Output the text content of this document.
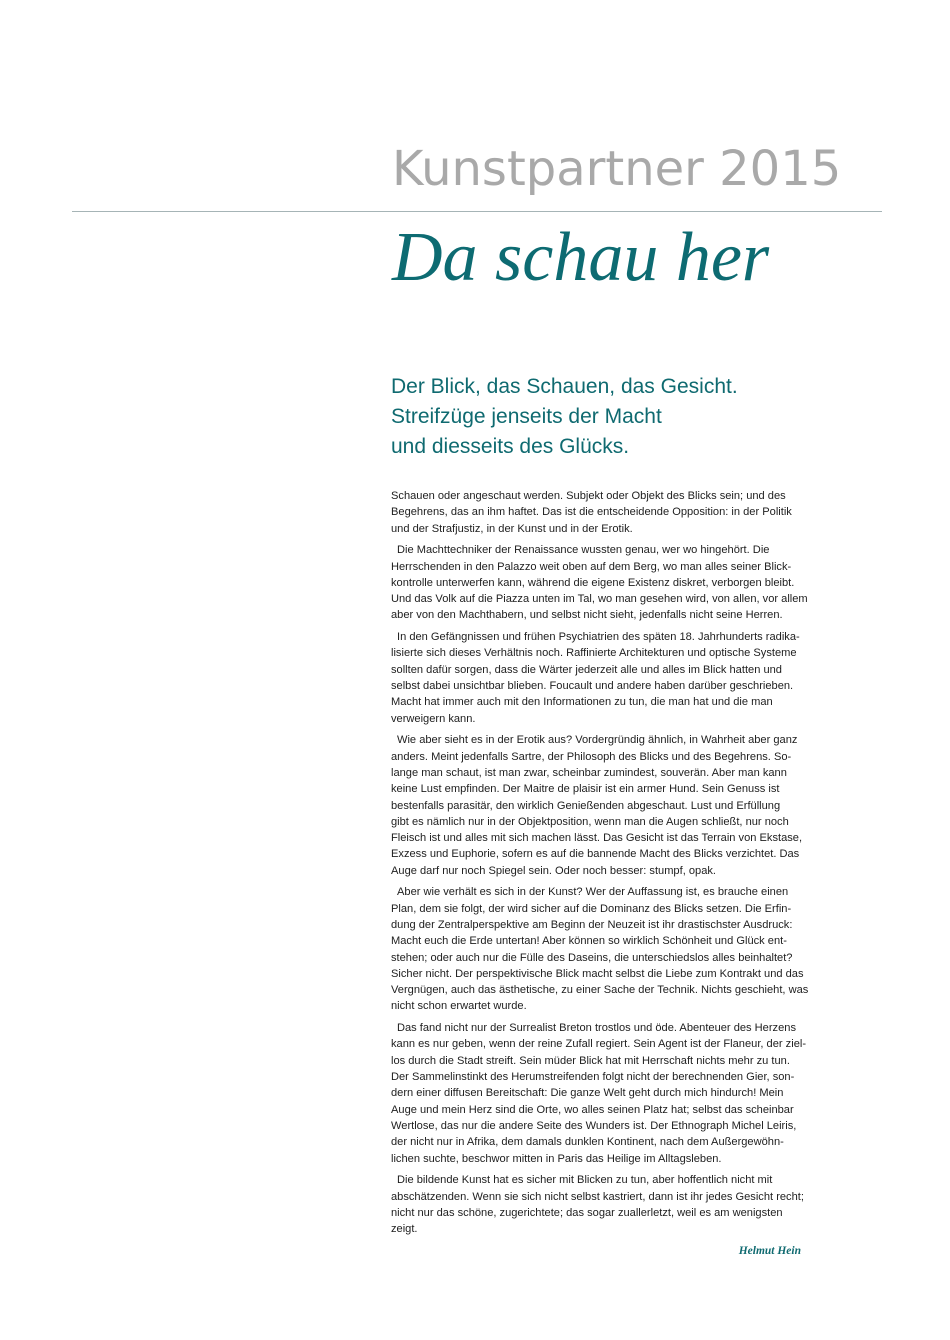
Kunstpartner 2015
Da schau her
Der Blick, das Schauen, das Gesicht.
Streifzüge jenseits der Macht
und diesseits des Glücks.

Schauen oder angeschaut werden. Subjekt oder Objekt des Blicks sein; und des
Begehrens, das an ihm haftet. Das ist die entscheidende Opposition: in der Politik
und der Strafjustiz, in der Kunst und in der Erotik.

Die Machttechniker der Renaissance wussten genau, wer wo hingehört. Die
Herrschenden in den Palazzo weit oben auf dem Berg, wo man alles seiner Blick-
kontrolle unterwerfen kann, während die eigene Existenz diskret, verborgen bleibt.
Und das Volk auf die Piazza unten im Tal, wo man gesehen wird, von allen, vor allem
aber von den Machthabern, und selbst nicht sieht, jedenfalls nicht seine Herren.

In den Gefängnissen und frühen Psychiatrien des späten 18. Jahrhunderts radika-
lisierte sich dieses Verhältnis noch. Raffinierte Architekturen und optische Systeme
sollten dafür sorgen, dass die Wärter jederzeit alle und alles im Blick hatten und
selbst dabei unsichtbar blieben. Foucault und andere haben darüber geschrieben.
Macht hat immer auch mit den Informationen zu tun, die man hat und die man
verweigern kann.

Wie aber sieht es in der Erotik aus? Vordergründig ähnlich, in Wahrheit aber ganz
anders. Meint jedenfalls Sartre, der Philosoph des Blicks und des Begehrens. So-
lange man schaut, ist man zwar, scheinbar zumindest, souverän. Aber man kann
keine Lust empfinden. Der Maitre de plaisir ist ein armer Hund. Sein Genuss ist
bestenfalls parasitär, den wirklich Genießenden abgeschaut. Lust und Erfüllung
gibt es nämlich nur in der Objektposition, wenn man die Augen schließt, nur noch
Fleisch ist und alles mit sich machen lässt. Das Gesicht ist das Terrain von Ekstase,
Exzess und Euphorie, sofern es auf die bannende Macht des Blicks verzichtet. Das
Auge darf nur noch Spiegel sein. Oder noch besser: stumpf, opak.

Aber wie verhält es sich in der Kunst? Wer der Auffassung ist, es brauche einen
Plan, dem sie folgt, der wird sicher auf die Dominanz des Blicks setzen. Die Erfin-
dung der Zentralperspektive am Beginn der Neuzeit ist ihr drastischster Ausdruck:
Macht euch die Erde untertan! Aber können so wirklich Schönheit und Glück ent-
stehen; oder auch nur die Fülle des Daseins, die unterschiedslos alles beinhaltet?
Sicher nicht. Der perspektivische Blick macht selbst die Liebe zum Kontrakt und das
Vergnügen, auch das ästhetische, zu einer Sache der Technik. Nichts geschieht, was
nicht schon erwartet wurde.

Das fand nicht nur der Surrealist Breton trostlos und öde. Abenteuer des Herzens
kann es nur geben, wenn der reine Zufall regiert. Sein Agent ist der Flaneur, der ziel-
los durch die Stadt streift. Sein müder Blick hat mit Herrschaft nichts mehr zu tun.
Der Sammelinstinkt des Herumstreifenden folgt nicht der berechnenden Gier, son-
dern einer diffusen Bereitschaft: Die ganze Welt geht durch mich hindurch! Mein
Auge und mein Herz sind die Orte, wo alles seinen Platz hat; selbst das scheinbar
Wertlose, das nur die andere Seite des Wunders ist. Der Ethnograph Michel Leiris,
der nicht nur in Afrika, dem damals dunklen Kontinent, nach dem Außergewöhn-
lichen suchte, beschwor mitten in Paris das Heilige im Alltagsleben.

Die bildende Kunst hat es sicher mit Blicken zu tun, aber hoffentlich nicht mit
abschätzenden. Wenn sie sich nicht selbst kastriert, dann ist ihr jedes Gesicht recht;
nicht nur das schöne, zugerichtete; das sogar zuallerletzt, weil es am wenigsten
zeigt.

Helmut Hein
